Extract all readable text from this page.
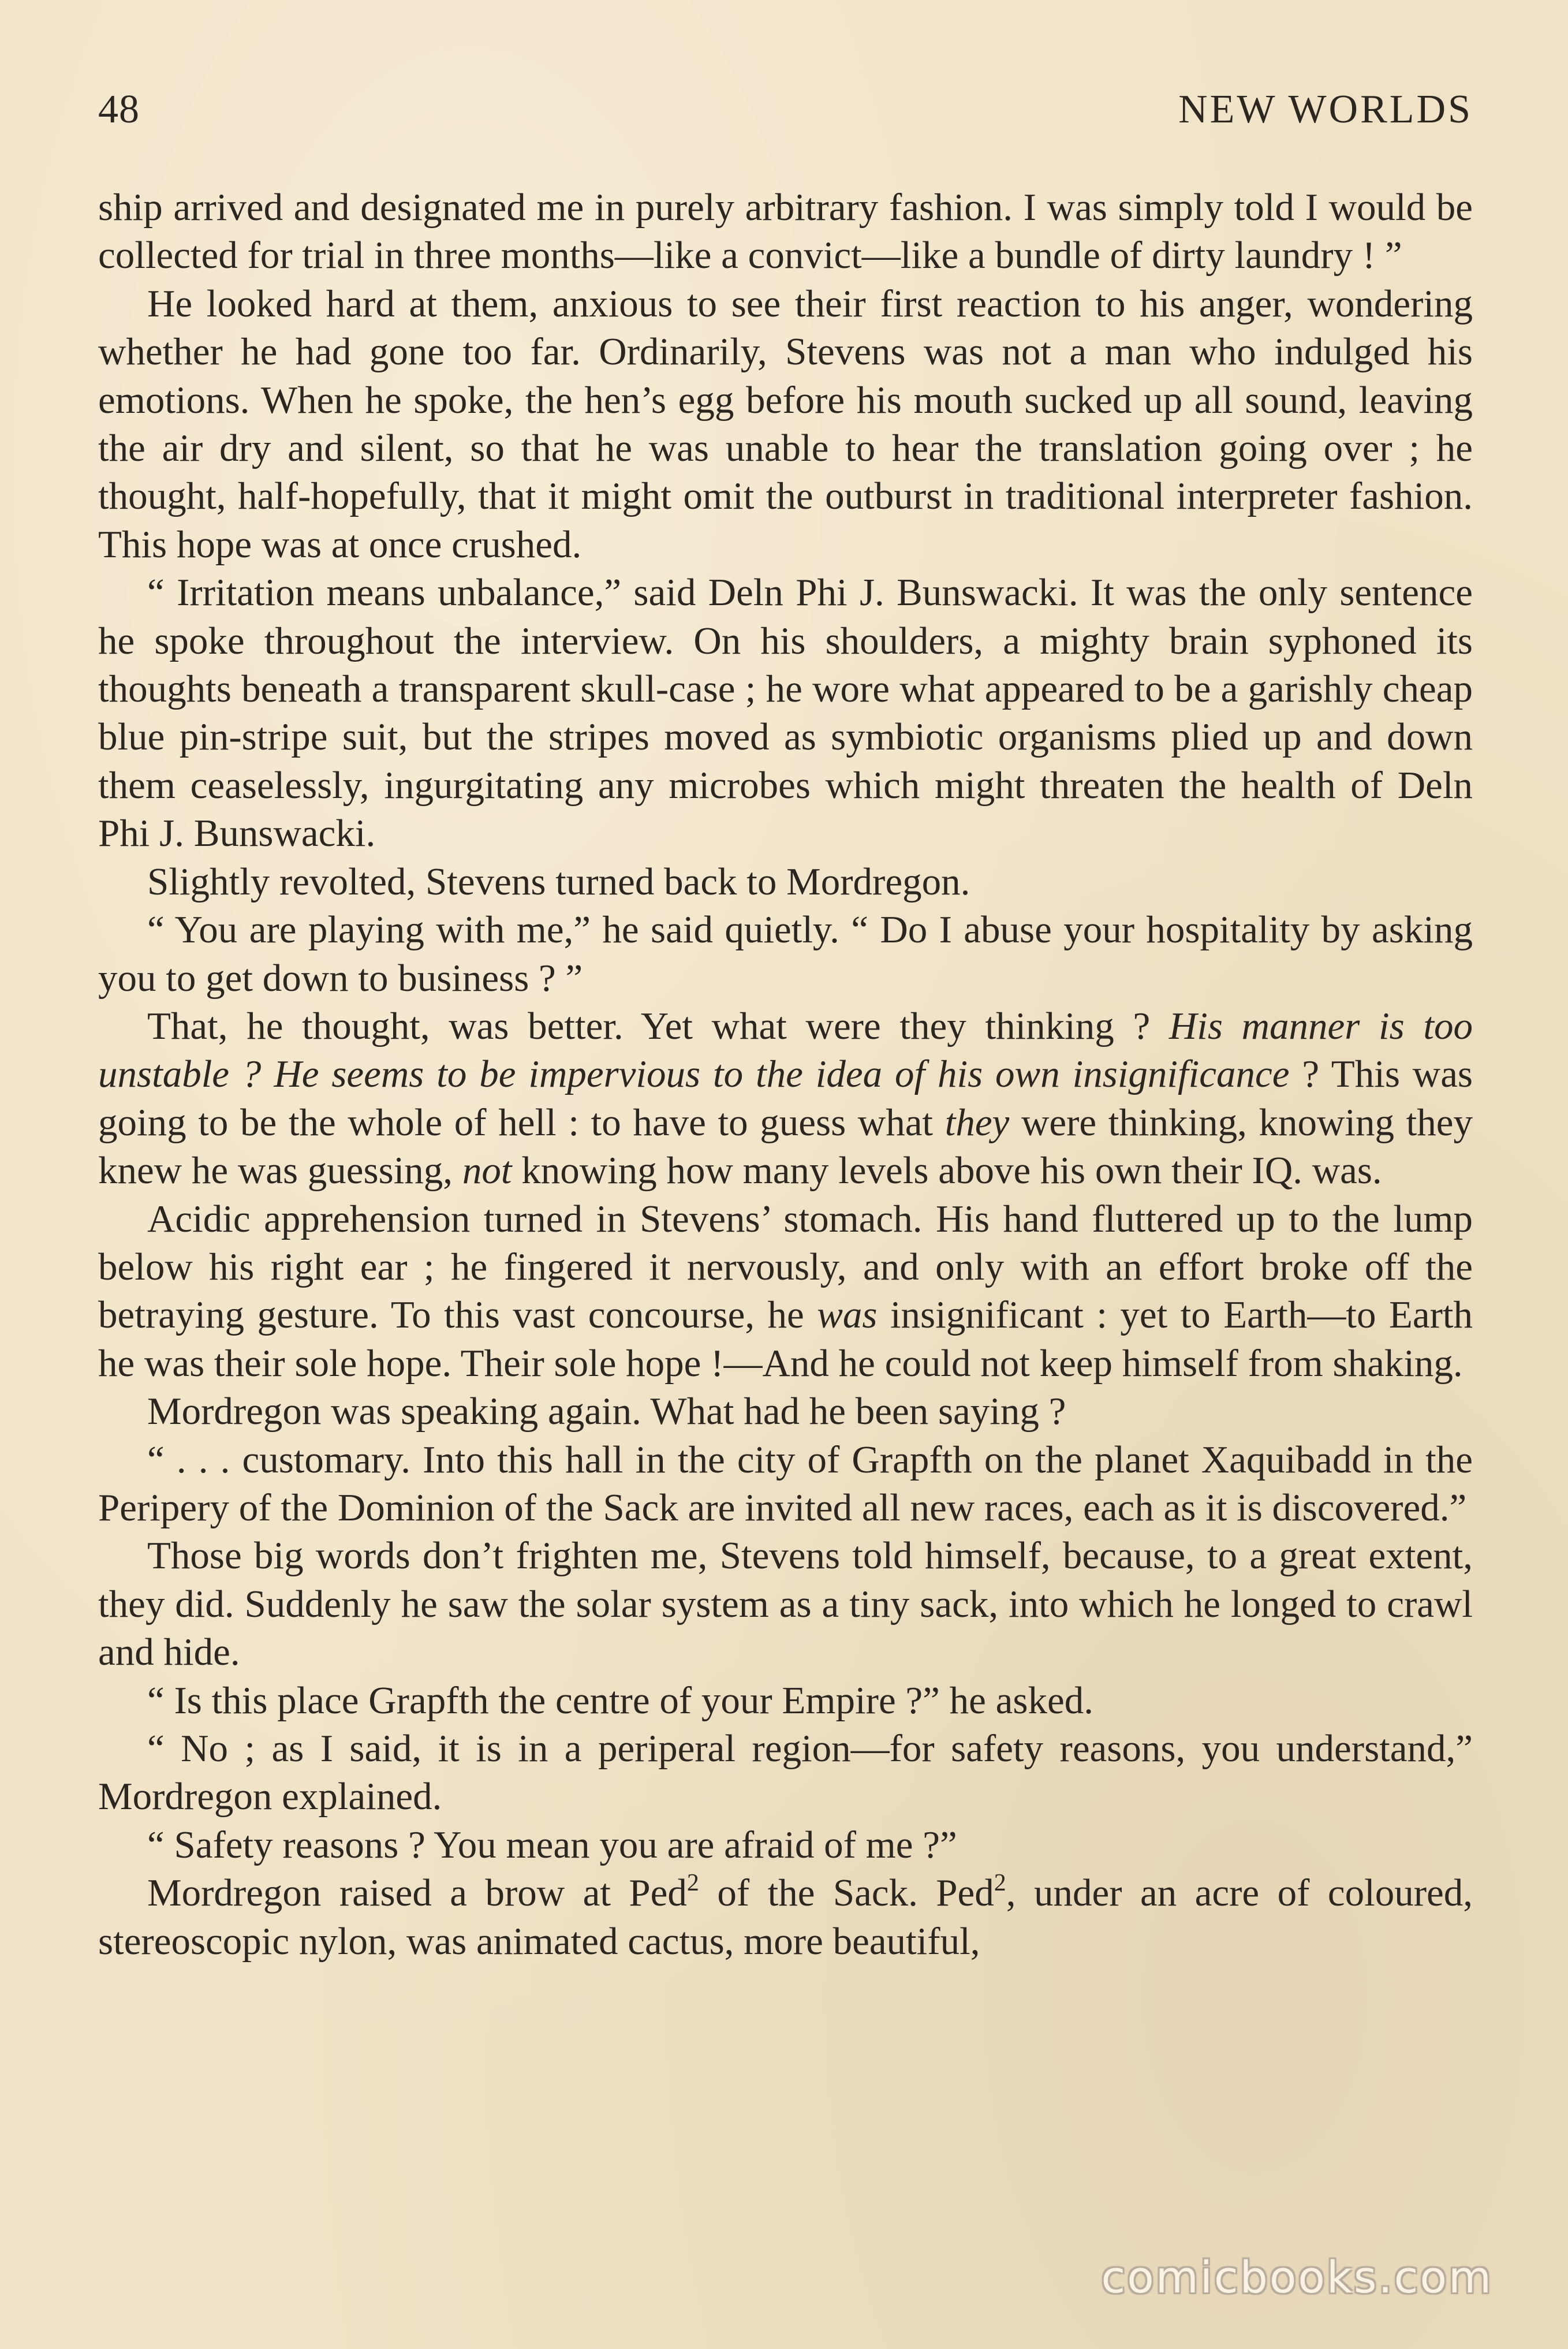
48	NEW WORLDS

ship arrived and designated me in purely arbitrary fashion. I was simply told I would be collected for trial in three months—like a convict—like a bundle of dirty laundry ! ”

He looked hard at them, anxious to see their first reaction to his anger, wondering whether he had gone too far. Ordinarily, Stevens was not a man who indulged his emotions. When he spoke, the hen’s egg before his mouth sucked up all sound, leaving the air dry and silent, so that he was unable to hear the translation going over ; he thought, half-hopefully, that it might omit the outburst in traditional interpreter fashion. This hope was at once crushed.

“ Irritation means unbalance,” said Deln Phi J. Bunswacki. It was the only sentence he spoke throughout the interview. On his shoulders, a mighty brain syphoned its thoughts beneath a transparent skull-case ; he wore what appeared to be a garishly cheap blue pin-stripe suit, but the stripes moved as symbiotic organisms plied up and down them ceaselessly, ingurgitating any microbes which might threaten the health of Deln Phi J. Bunswacki.

Slightly revolted, Stevens turned back to Mordregon.

“ You are playing with me,” he said quietly. “ Do I abuse your hospitality by asking you to get down to business ? ”

That, he thought, was better. Yet what were they thinking ? His manner is too unstable ? He seems to be impervious to the idea of his own insignificance ? This was going to be the whole of hell : to have to guess what they were thinking, knowing they knew he was guessing, not knowing how many levels above his own their IQ. was.

Acidic apprehension turned in Stevens’ stomach. His hand fluttered up to the lump below his right ear ; he fingered it nervously, and only with an effort broke off the betraying gesture. To this vast concourse, he was insignificant : yet to Earth—to Earth he was their sole hope. Their sole hope !—And he could not keep himself from shaking.

Mordregon was speaking again. What had he been saying ?

“ . . . customary. Into this hall in the city of Grapfth on the planet Xaquibadd in the Peripery of the Dominion of the Sack are invited all new races, each as it is discovered.”

Those big words don’t frighten me, Stevens told himself, because, to a great extent, they did. Suddenly he saw the solar system as a tiny sack, into which he longed to crawl and hide.

“ Is this place Grapfth the centre of your Empire ?” he asked.

“ No ; as I said, it is in a periperal region—for safety reasons, you understand,” Mordregon explained.

“ Safety reasons ? You mean you are afraid of me ?”

Mordregon raised a brow at Ped$^2$ of the Sack. Ped$^2$, under an acre of coloured, stereoscopic nylon, was animated cactus, more beautiful,

comicbooks.com
